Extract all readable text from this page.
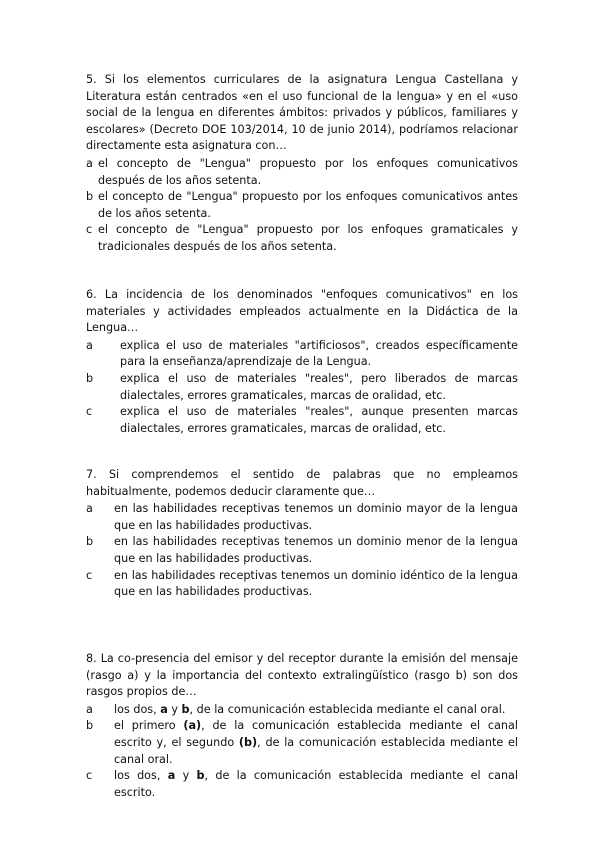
5. Si los elementos curriculares de la asignatura Lengua Castellana y Literatura están centrados «en el uso funcional de la lengua» y en el «uso social de la lengua en diferentes ámbitos: privados y públicos, familiares y escolares» (Decreto DOE 103/2014, 10 de junio 2014), podríamos relacionar directamente esta asignatura con…

a el concepto de "Lengua" propuesto por los enfoques comunicativos después de los años setenta.

b el concepto de "Lengua" propuesto por los enfoques comunicativos antes de los años setenta.

c el concepto de "Lengua" propuesto por los enfoques gramaticales y tradicionales después de los años setenta.

6. La incidencia de los denominados "enfoques comunicativos" en los materiales y actividades empleados actualmente en la Didáctica de la Lengua…

a explica el uso de materiales "artificiosos", creados específicamente para la enseñanza/aprendizaje de la Lengua.

b explica el uso de materiales "reales", pero liberados de marcas dialectales, errores gramaticales, marcas de oralidad, etc.

c explica el uso de materiales "reales", aunque presenten marcas dialectales, errores gramaticales, marcas de oralidad, etc.

7. Si comprendemos el sentido de palabras que no empleamos habitualmente, podemos deducir claramente que…

a en las habilidades receptivas tenemos un dominio mayor de la lengua que en las habilidades productivas.

b en las habilidades receptivas tenemos un dominio menor de la lengua que en las habilidades productivas.

c en las habilidades receptivas tenemos un dominio idéntico de la lengua que en las habilidades productivas.

8. La co-presencia del emisor y del receptor durante la emisión del mensaje (rasgo a) y la importancia del contexto extralingüístico (rasgo b) son dos rasgos propios de…

a los dos, a y b, de la comunicación establecida mediante el canal oral.

b el primero (a), de la comunicación establecida mediante el canal escrito y, el segundo (b), de la comunicación establecida mediante el canal oral.

c los dos, a y b, de la comunicación establecida mediante el canal escrito.
